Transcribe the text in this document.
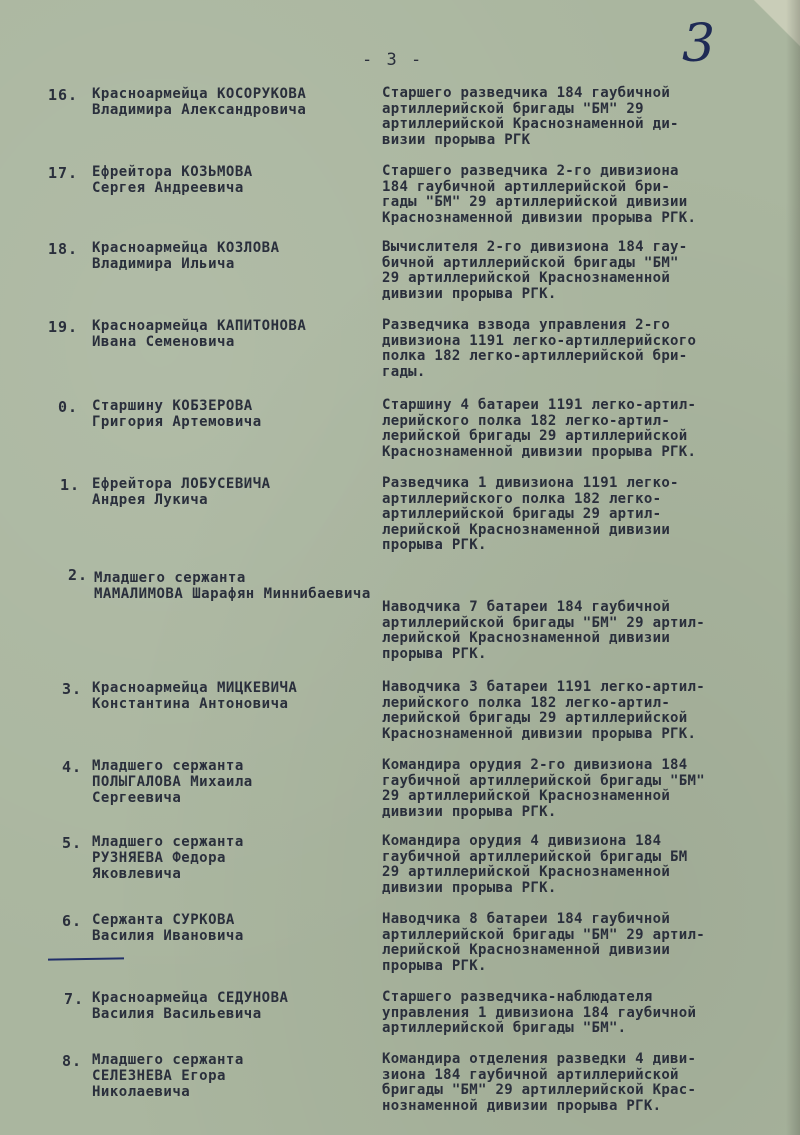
- 3 -	3
16. Красноармейца КОСОРУКОВА
Владимира Александровича
Старшего разведчика 184 гаубичной
артиллерийской бригады "БМ" 29
артиллерийской Краснознаменной ди-
визии прорыва РГК
17. Ефрейтора КОЗЬМОВА
Сергея Андреевича
Старшего разведчика 2-го дивизиона
184 гаубичной артиллерийской бри-
гады "БМ" 29 артиллерийской дивизии
Краснознаменной дивизии прорыва РГК.
18. Красноармейца КОЗЛОВА
Владимира Ильича
Вычислителя 2-го дивизиона 184 гау-
бичной артиллерийской бригады "БМ"
29 артиллерийской Краснознаменной
дивизии прорыва РГК.
19. Красноармейца КАПИТОНОВА
Ивана Семеновича
Разведчика взвода управления 2-го
дивизиона 1191 легко-артиллерийского
полка 182 легко-артиллерийской бри-
гады.
0. Старшину КОБЗЕРОВА
Григория Артемовича
Старшину 4 батареи 1191 легко-артил-
лерийского полка 182 легко-артил-
лерийской бригады 29 артиллерийской
Краснознаменной дивизии прорыва РГК.
1. Ефрейтора ЛОБУСЕВИЧА
Андрея Лукича
Разведчика 1 дивизиона 1191 легко-
артиллерийского полка 182 легко-
артиллерийской бригады 29 артил-
лерийской Краснознаменной дивизии
прорыва РГК.
2. Младшего сержанта
МАМАЛИМОВА Шарафян Миннибаевича
Наводчика 7 батареи 184 гаубичной
артиллерийской бригады "БМ" 29 артил-
лерийской Краснознаменной дивизии
прорыва РГК.
3. Красноармейца МИЦКЕВИЧА
Константина Антоновича
Наводчика 3 батареи 1191 легко-артил-
лерийского полка 182 легко-артил-
лерийской бригады 29 артиллерийской
Краснознаменной дивизии прорыва РГК.
4. Младшего сержанта
ПОЛЫГАЛОВА Михаила
Сергеевича
Командира орудия 2-го дивизиона 184
гаубичной артиллерийской бригады "БМ"
29 артиллерийской Краснознаменной
дивизии прорыва РГК.
5. Младшего сержанта
РУЗНЯЕВА Федора
Яковлевича
Командира орудия 4 дивизиона 184
гаубичной артиллерийской бригады БМ
29 артиллерийской Краснознаменной
дивизии прорыва РГК.
6. Сержанта СУРКОВА
Василия Ивановича
Наводчика 8 батареи 184 гаубичной
артиллерийской бригады "БМ" 29 артил-
лерийской Краснознаменной дивизии
прорыва РГК.
7. Красноармейца СЕДУНОВА
Василия Васильевича
Старшего разведчика-наблюдателя
управления 1 дивизиона 184 гаубичной
артиллерийской бригады "БМ".
8. Младшего сержанта
СЕЛЕЗНЕВА Егора
Николаевича
Командира отделения разведки 4 диви-
зиона 184 гаубичной артиллерийской
бригады "БМ" 29 артиллерийской Крас-
нознаменной дивизии прорыва РГК.
